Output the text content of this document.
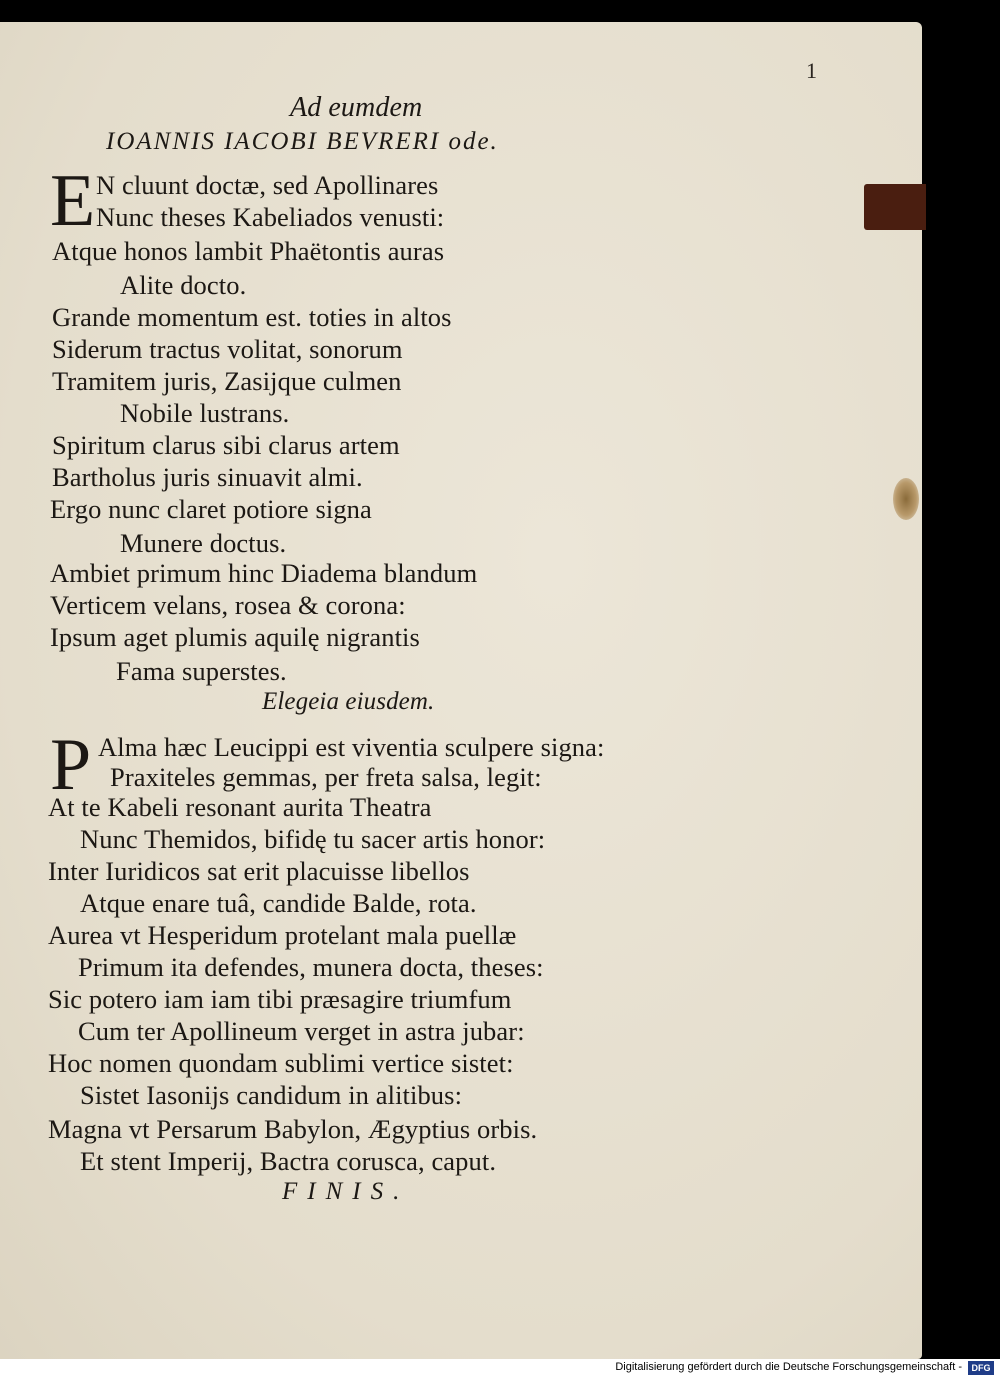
1
Ad eumdem
IOANNIS IACOBI BEVRERI ode.
E N cluunt doctæ, sed Apollinares
Nunc theses Kabeliados venusti:
Atque honos lambit Phaëtontis auras
Alite docto.
Grande momentum est. toties in altos
Siderum tractus volitat, sonorum
Tramitem juris, Zasijque culmen
Nobile lustrans.
Spiritum clarus sibi clarus artem
Bartholus juris sinuavit almi.
Ergo nunc claret potiore signa
Munere doctus.
Ambiet primum hinc Diadema blandum
Verticem velans, rosea & corona:
Ipsum aget plumis aquilę nigrantis
Fama superstes.
Elegeia eiusdem.
P Alma hæc Leucippi est viventia sculpere signa:
Praxiteles gemmas, per freta salsa, legit:
At te Kabeli resonant aurita Theatra
Nunc Themidos, bifidę tu sacer artis honor:
Inter Iuridicos sat erit placuisse libellos
Atque enare tuâ, candide Balde, rota.
Aurea vt Hesperidum protelant mala puellæ
Primum ita defendes, munera docta, theses:
Sic potero iam iam tibi præsagire triumfum
Cum ter Apollineum verget in astra jubar:
Hoc nomen quondam sublimi vertice sistet:
Sistet Iasonijs candidum in alitibus:
Magna vt Persarum Babylon, Ægyptius orbis.
Et stent Imperij, Bactra corusca, caput.
FINIS.
Digitalisierung gefördert durch die Deutsche Forschungsgemeinschaft -	DFG
